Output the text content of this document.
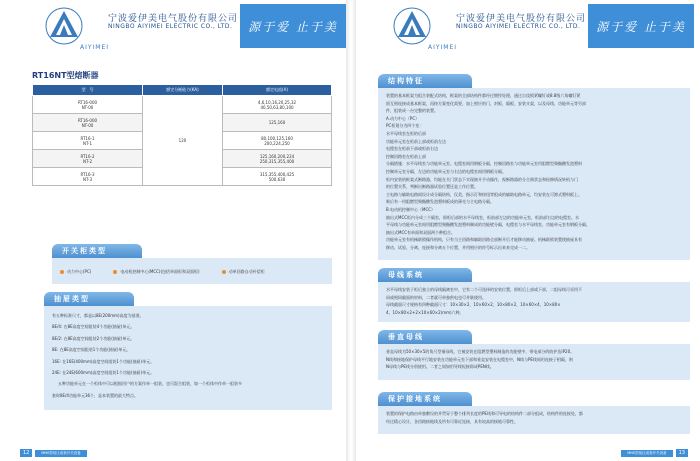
AIYIMEI
宁波爱伊美电气股份有限公司
NINGBO AIYIMEI ELECTRIC CO., LTD. 源于爱 止于美
RT16NT型熔断器
型　号	额定分断能力(KA)	额定电流(A)
RT16-000
NT-00	120	4,6,10,16,20,25,32
40,50,63,80,100
RT16-000
NT-00		125,160
RT16-1
NT-1		80,100,125,160
200,224,250
RT16-2
NT-2		125,160,200,224
250,315,355,400
RT16-3
NT-3		315,355,400,425
500,630
开关柜类型
动力中心(PC)	电动机控制中心(MCC)(包括单面柜和双面柜)	动单回路自动补偿柜
抽屉类型
有五种标准尺寸，都是以8E(200mm)高度为基准。
8E/4: 在8E高度空间组装4个功能(抽屉)单元。
8E/2: 在8E高度空间组装2个功能(抽屉)单元。
8E: 在8E高度空间组装1个功能(抽屉)单元。
16E: 在16E(400mm)高度空间组装1个功能(抽屉)单元。
24E: 在24E(600mm)高度空间组装1个功能(抽屉)单元。
五种功能单元在一个柜体中可以根据用户的方案作单一组装，也可混合组装，如一个柜体中作单一组装多
套时8E/4功能单元36个，是本装置的最大特点。
12	MNS型低压成套开关设备
AIYIMEI
宁波爱伊美电气股份有限公司
NINGBO AIYIMEI ELECTRIC CO., LTD. 源于爱 止于美
结构特征
装置的基本框架为组合装配式结构，框架的全部结构件都经过镀锌处理，通过自攻锁紧螺钉或8.8级六角螺钉紧
固互相连接成基本框架，再按方案变化需要，加上相应的门、封板、隔板、安装支架，以及母线、功能单元等另部
件，组装成一台完整的装置。
A.动力中心（PC）
PC柜划分为四个室：
水平母线室在柜的后部
功能单元室在柜前上部或柜前左边
电缆室在柜前下部或柜前右边
控制回路室在柜前上部
分隔措施：水平母线室与功能单元室、电缆室间用钢板分隔，控制回路室与功能单元室用阻燃型聚酯酸发泡塑料
控制单元室分隔，左边的功能单元室与右边的电缆室间用钢板分隔。
柜内安装的框架式断路器，均能在关门状态下实现抽开手动操作，视断路器的分合闸状态和检修情况转机与门
的位置关系，判断出断路器试验位置还是工作位置。
主电路与辅助电路间设计成分隔结构，仅美，指示灯和按钮等组成的辅助电路单元，均安装在可卸式塑料板上。
吸后有一用阻燃型聚酯酸发泡塑料板成的薄壳与主电路分隔。
B.电动机控制中心（MCC）
抽出式MCC柜内分成三个隔室，即柜后部的水平母线室，柜前部左边的功能单元室，柜前部右边的电缆室。水
平母线与功能单元室间用阻燃型聚酯酸发泡塑料制成的功能壁分隔，电缆室与水平母线室、功能单元室有钢板分隔。
抽出式MCC有单面和双面两个种组合。
功能单元室有机械联锁操作机构，只有当主回路和辅助回路全部断开后才能移动抽屉。机械联锁装置使抽屉具有
移动、试验、分离、连接和分离五个位置，并用相应的符号标示出来来完成一二。
母线系统
水平母线安装于柜后独立的母线隔离室中，它有二个可选择的安装位置，即柜后上部或下部，二组母线可采用不
同或相同截面的材料，二者就可单独供电也可并联使用。
母线截面尺寸规格有四种截面尺寸：10×30×2，10×60×2，10×80×2，10×60×4，10×80×
4，10×80×2+2×10×60×2(mm)六种。
垂直母线
垂直母线为50×30×5的角尺型铜母线，它被安装在阻燃型塑料制造的功能壁中，带电部分的防护达IP20。
N线和接地保护母线平行地安装在功能单元室下部和垂直安装在电缆室中，N线与PE线间用连接子相隔，则
N母线与PE线分别使用。二者之间如用导线短接即成PEN线。
保护接地系统
装置的保护电路由单独敷设的并贯穿于整个排列长度的PE线和可导电的结构件二部分组成，结构件的连接处，都
经过精心设计，各回路接地线及所有可靠近连接，具有较高的接地可靠性。
MNS型低压成套开关设备	13
